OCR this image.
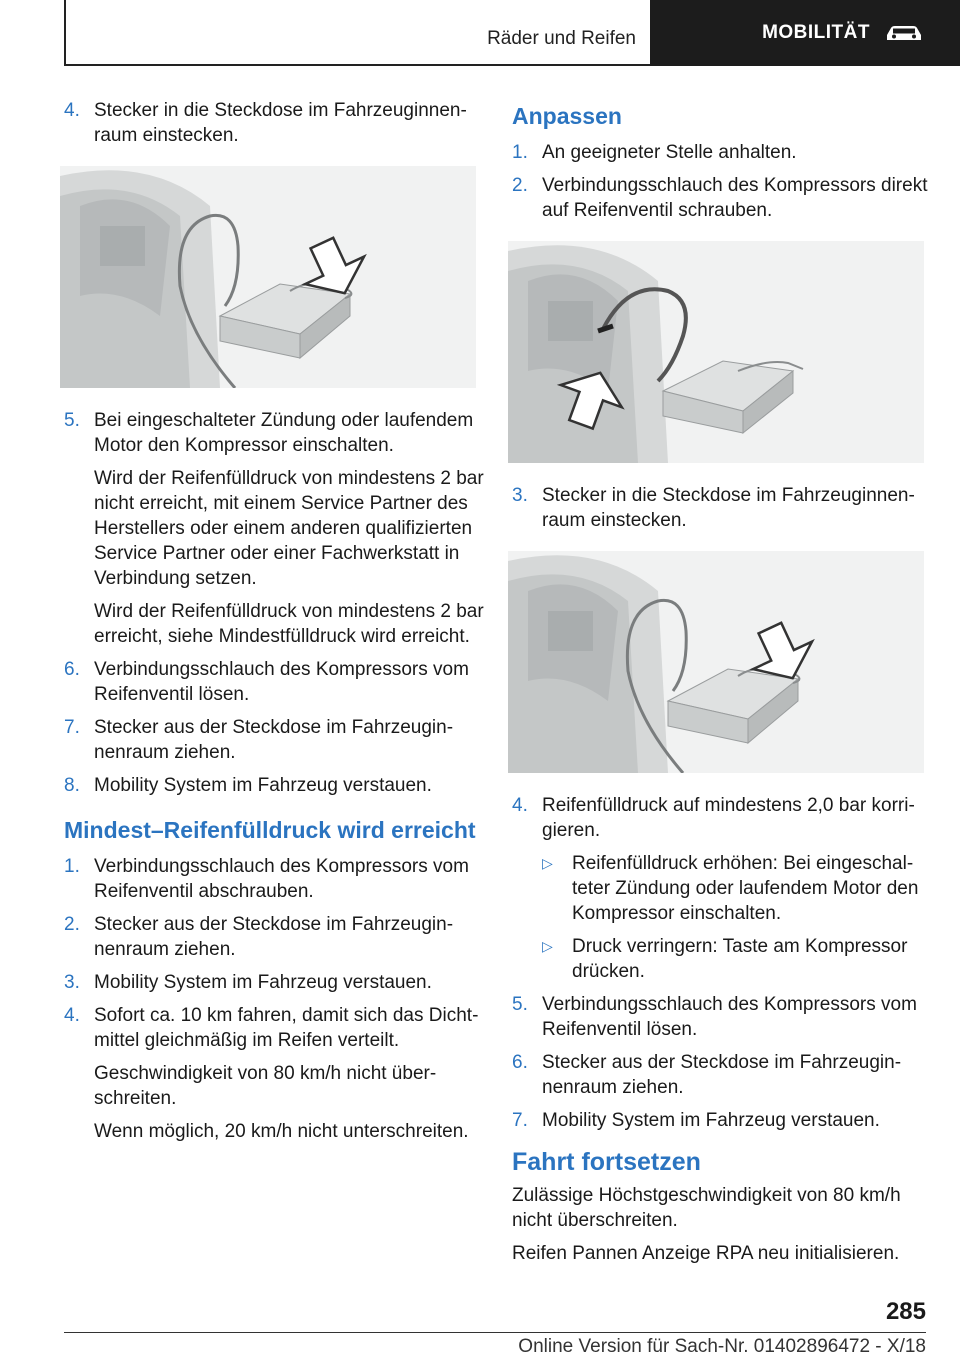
Räder und Reifen	MOBILITÄT
4. Stecker in die Steckdose im Fahrzeuginnenraum einstecken.

5. Bei eingeschalteter Zündung oder laufendem Motor den Kompressor einschalten.

Wird der Reifenfülldruck von mindestens 2 bar nicht erreicht, mit einem Service Partner des Herstellers oder einem anderen qualifizierten Service Partner oder einer Fachwerkstatt in Verbindung setzen.

Wird der Reifenfülldruck von mindestens 2 bar erreicht, siehe Mindestfülldruck wird erreicht.

6. Verbindungsschlauch des Kompressors vom Reifenventil lösen.

7. Stecker aus der Steckdose im Fahrzeuginnenraum ziehen.

8. Mobility System im Fahrzeug verstauen.

Mindest–Reifenfülldruck wird erreicht
1. Verbindungsschlauch des Kompressors vom Reifenventil abschrauben.

2. Stecker aus der Steckdose im Fahrzeuginnenraum ziehen.

3. Mobility System im Fahrzeug verstauen.

4. Sofort ca. 10 km fahren, damit sich das Dichtmittel gleichmäßig im Reifen verteilt.

Geschwindigkeit von 80 km/h nicht überschreiten.

Wenn möglich, 20 km/h nicht unterschreiten.

Anpassen
1. An geeigneter Stelle anhalten.

2. Verbindungsschlauch des Kompressors direkt auf Reifenventil schrauben.

3. Stecker in die Steckdose im Fahrzeuginnenraum einstecken.

4. Reifenfülldruck auf mindestens 2,0 bar korrigieren.

▷	Reifenfülldruck erhöhen: Bei eingeschalteter Zündung oder laufendem Motor den Kompressor einschalten.

▷	Druck verringern: Taste am Kompressor drücken.

5. Verbindungsschlauch des Kompressors vom Reifenventil lösen.

6. Stecker aus der Steckdose im Fahrzeuginnenraum ziehen.

7. Mobility System im Fahrzeug verstauen.

Fahrt fortsetzen

Zulässige Höchstgeschwindigkeit von 80 km/h nicht überschreiten.

Reifen Pannen Anzeige RPA neu initialisieren.

285
Online Version für Sach-Nr. 01402896472 - X/18
